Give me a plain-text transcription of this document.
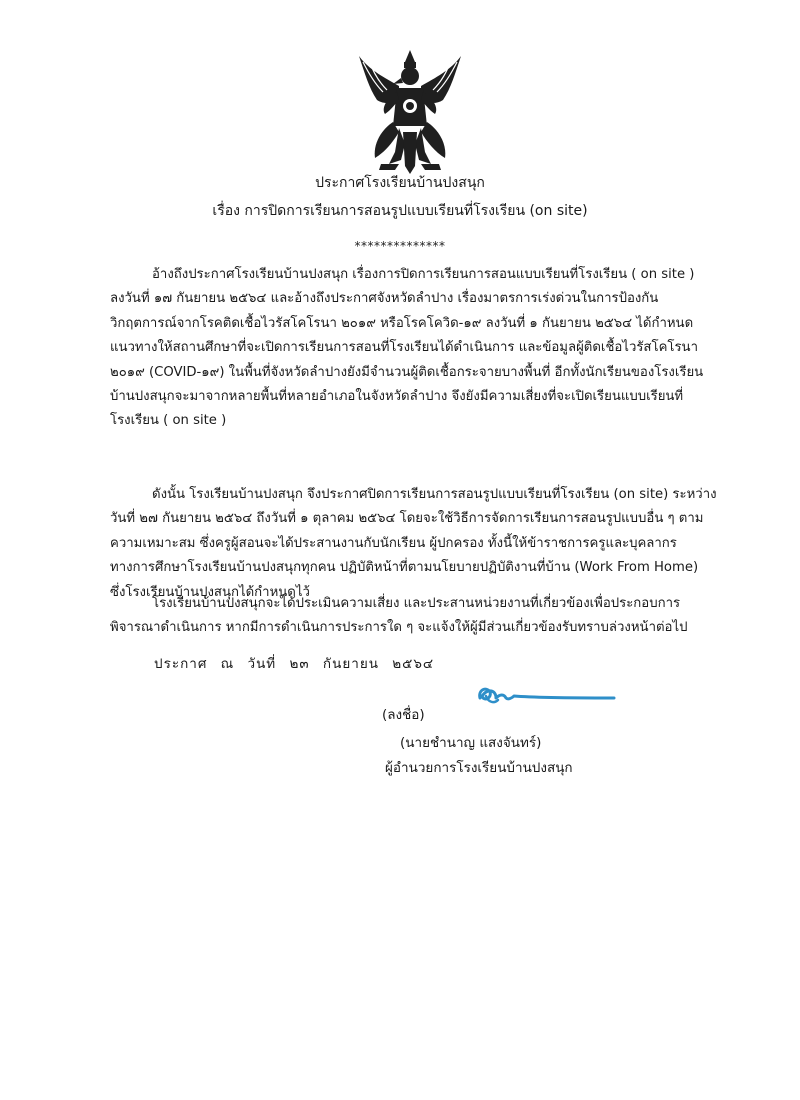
ประกาศโรงเรียนบ้านปงสนุก
เรื่อง การปิดการเรียนการสอนรูปแบบเรียนที่โรงเรียน (on site)
**************
อ้างถึงประกาศโรงเรียนบ้านปงสนุก เรื่องการปิดการเรียนการสอนแบบเรียนที่โรงเรียน ( on site )
ลงวันที่ ๑๗ กันยายน ๒๕๖๔ และอ้างถึงประกาศจังหวัดลำปาง เรื่องมาตรการเร่งด่วนในการป้องกัน
วิกฤตการณ์จากโรคติดเชื้อไวรัสโคโรนา ๒๐๑๙ หรือโรคโควิด-๑๙ ลงวันที่ ๑ กันยายน ๒๕๖๔ ได้กำหนด
แนวทางให้สถานศึกษาที่จะเปิดการเรียนการสอนที่โรงเรียนได้ดำเนินการ และข้อมูลผู้ติดเชื้อไวรัสโคโรนา
๒๐๑๙ (COVID-๑๙) ในพื้นที่จังหวัดลำปางยังมีจำนวนผู้ติดเชื้อกระจายบางพื้นที่ อีกทั้งนักเรียนของโรงเรียน
บ้านปงสนุกจะมาจากหลายพื้นที่หลายอำเภอในจังหวัดลำปาง จึงยังมีความเสี่ยงที่จะเปิดเรียนแบบเรียนที่
โรงเรียน ( on site )
ดังนั้น โรงเรียนบ้านปงสนุก จึงประกาศปิดการเรียนการสอนรูปแบบเรียนที่โรงเรียน (on site) ระหว่าง
วันที่ ๒๗ กันยายน ๒๕๖๔ ถึงวันที่ ๑ ตุลาคม ๒๕๖๔ โดยจะใช้วิธีการจัดการเรียนการสอนรูปแบบอื่น ๆ ตาม
ความเหมาะสม ซึ่งครูผู้สอนจะได้ประสานงานกับนักเรียน ผู้ปกครอง ทั้งนี้ให้ข้าราชการครูและบุคลากร
ทางการศึกษาโรงเรียนบ้านปงสนุกทุกคน ปฏิบัติหน้าที่ตามนโยบายปฏิบัติงานที่บ้าน (Work From Home)
ซึ่งโรงเรียนบ้านปงสนุกได้กำหนดไว้
โรงเรียนบ้านปงสนุกจะได้ประเมินความเสี่ยง และประสานหน่วยงานที่เกี่ยวข้องเพื่อประกอบการ
พิจารณาดำเนินการ หากมีการดำเนินการประการใด ๆ จะแจ้งให้ผู้มีส่วนเกี่ยวข้องรับทราบล่วงหน้าต่อไป
ประกาศ ณ วันที่ ๒๓ กันยายน ๒๕๖๔
(ลงชื่อ)
(นายชำนาญ แสงจันทร์)
ผู้อำนวยการโรงเรียนบ้านปงสนุก
